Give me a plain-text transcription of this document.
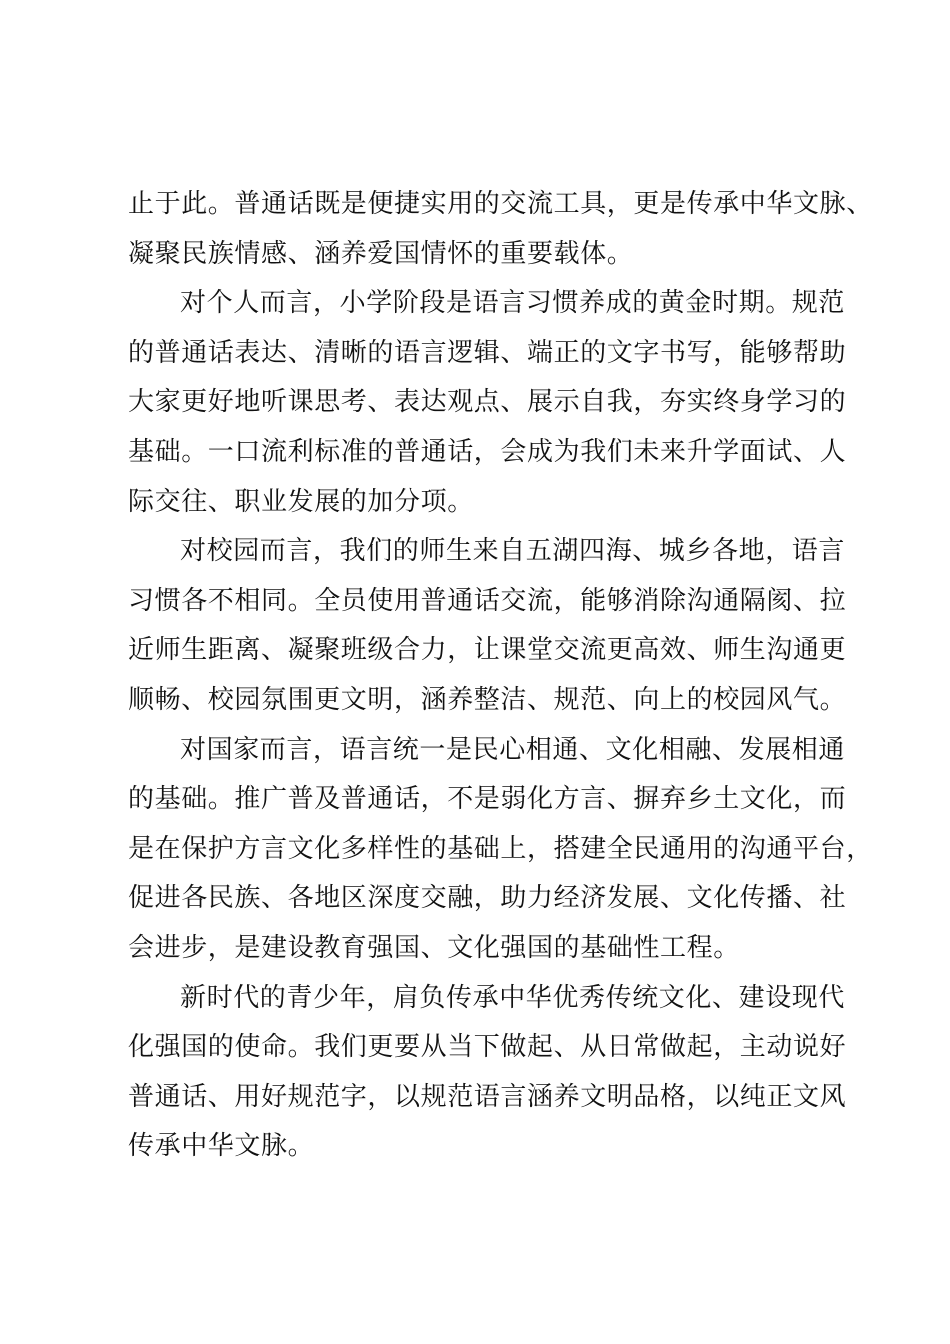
止于此。普通话既是便捷实用的交流工具，更是传承中华文脉、
凝聚民族情感、涵养爱国情怀的重要载体。
对个人而言，小学阶段是语言习惯养成的黄金时期。规范
的普通话表达、清晰的语言逻辑、端正的文字书写，能够帮助
大家更好地听课思考、表达观点、展示自我，夯实终身学习的
基础。一口流利标准的普通话，会成为我们未来升学面试、人
际交往、职业发展的加分项。
对校园而言，我们的师生来自五湖四海、城乡各地，语言
习惯各不相同。全员使用普通话交流，能够消除沟通隔阂、拉
近师生距离、凝聚班级合力，让课堂交流更高效、师生沟通更
顺畅、校园氛围更文明，涵养整洁、规范、向上的校园风气。
对国家而言，语言统一是民心相通、文化相融、发展相通
的基础。推广普及普通话，不是弱化方言、摒弃乡土文化，而
是在保护方言文化多样性的基础上，搭建全民通用的沟通平台，
促进各民族、各地区深度交融，助力经济发展、文化传播、社
会进步，是建设教育强国、文化强国的基础性工程。
新时代的青少年，肩负传承中华优秀传统文化、建设现代
化强国的使命。我们更要从当下做起、从日常做起，主动说好
普通话、用好规范字，以规范语言涵养文明品格，以纯正文风
传承中华文脉。
